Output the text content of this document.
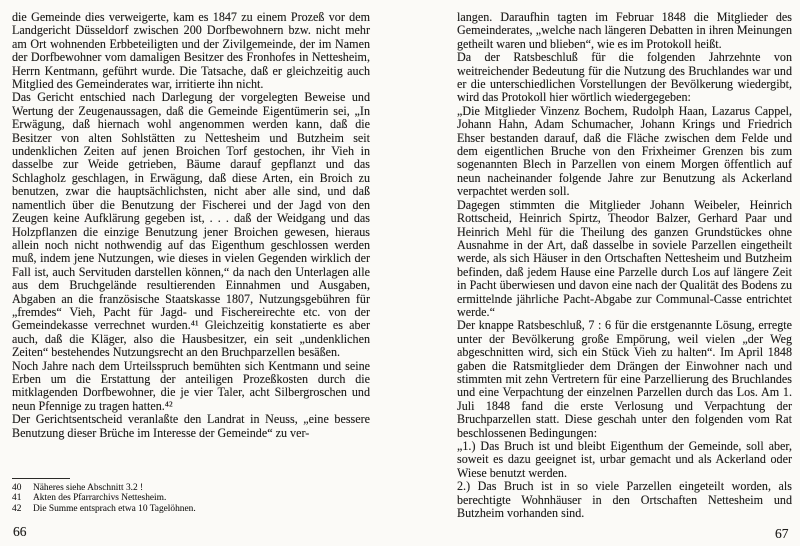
die Gemeinde dies verweigerte, kam es 1847 zu einem Prozeß vor dem Landgericht Düsseldorf zwischen 200 Dorfbewohnern bzw. nicht mehr am Ort wohnenden Erbbeteiligten und der Zivilgemeinde, der im Namen der Dorfbewohner vom damaligen Besitzer des Fronhofes in Nettesheim, Herrn Kentmann, geführt wurde. Die Tatsache, daß er gleichzeitig auch Mitglied des Gemeinderates war, irritierte ihn nicht.

Das Gericht entschied nach Darlegung der vorgelegten Beweise und Wertung der Zeugenaussagen, daß die Gemeinde Eigentümerin sei, „In Erwägung, daß hiernach wohl angenommen werden kann, daß die Besitzer von alten Sohlstätten zu Nettesheim und Butzheim seit undenklichen Zeiten auf jenen Broichen Torf gestochen, ihr Vieh in dasselbe zur Weide getrieben, Bäume darauf gepflanzt und das Schlagholz geschlagen, in Erwägung, daß diese Arten, ein Broich zu benutzen, zwar die hauptsächlichsten, nicht aber alle sind, und daß namentlich über die Benutzung der Fischerei und der Jagd von den Zeugen keine Aufklärung gegeben ist, . . . daß der Weidgang und das Holzpflanzen die einzige Benutzung jener Broichen gewesen, hieraus allein noch nicht nothwendig auf das Eigenthum geschlossen werden muß, indem jene Nutzungen, wie dieses in vielen Gegenden wirklich der Fall ist, auch Servituden darstellen können,“ da nach den Unterlagen alle aus dem Bruchgelände resultierenden Einnahmen und Ausgaben, Abgaben an die französische Staatskasse 1807, Nutzungsgebühren für „fremdes“ Vieh, Pacht für Jagd- und Fischereirechte etc. von der Gemeindekasse verrechnet wurden.⁴¹ Gleichzeitig konstatierte es aber auch, daß die Kläger, also die Hausbesitzer, ein seit „undenklichen Zeiten“ bestehendes Nutzungsrecht an den Bruchparzellen besäßen.

Noch Jahre nach dem Urteilsspruch bemühten sich Kentmann und seine Erben um die Erstattung der anteiligen Prozeßkosten durch die mitklagenden Dorfbewohner, die je vier Taler, acht Silbergroschen und neun Pfennige zu tragen hatten.⁴²

Der Gerichtsentscheid veranlaßte den Landrat in Neuss, „eine bessere Benutzung dieser Brüche im Interesse der Gemeinde“ zu ver-

40	Näheres siehe Abschnitt 3.2 !
41	Akten des Pfarrarchivs Nettesheim.
42	Die Summe entsprach etwa 10 Tagelöhnen.

langen. Daraufhin tagten im Februar 1848 die Mitglieder des Gemeinderates, „welche nach längeren Debatten in ihren Meinungen getheilt waren und blieben“, wie es im Protokoll heißt.

Da der Ratsbeschluß für die folgenden Jahrzehnte von weitreichender Bedeutung für die Nutzung des Bruchlandes war und er die unterschiedlichen Vorstellungen der Bevölkerung wiedergibt, wird das Protokoll hier wörtlich wiedergegeben:

„Die Mitglieder Vinzenz Bochem, Rudolph Haan, Lazarus Cappel, Johann Hahn, Adam Schumacher, Johann Krings und Friedrich Ehser bestanden darauf, daß die Fläche zwischen dem Felde und dem eigentlichen Bruche von den Frixheimer Grenzen bis zum sogenannten Blech in Parzellen von einem Morgen öffentlich auf neun nacheinander folgende Jahre zur Benutzung als Ackerland verpachtet werden soll.

Dagegen stimmten die Mitglieder Johann Weibeler, Heinrich Rottscheid, Heinrich Spirtz, Theodor Balzer, Gerhard Paar und Heinrich Mehl für die Theilung des ganzen Grundstückes ohne Ausnahme in der Art, daß dasselbe in soviele Parzellen eingetheilt werde, als sich Häuser in den Ortschaften Nettesheim und Butzheim befinden, daß jedem Hause eine Parzelle durch Los auf längere Zeit in Pacht überwiesen und davon eine nach der Qualität des Bodens zu ermittelnde jährliche Pacht-Abgabe zur Communal-Casse entrichtet werde.“

Der knappe Ratsbeschluß, 7 : 6 für die erstgenannte Lösung, erregte unter der Bevölkerung große Empörung, weil vielen „der Weg abgeschnitten wird, sich ein Stück Vieh zu halten“. Im April 1848 gaben die Ratsmitglieder dem Drängen der Einwohner nach und stimmten mit zehn Vertretern für eine Parzellierung des Bruchlandes und eine Verpachtung der einzelnen Parzellen durch das Los. Am 1. Juli 1848 fand die erste Verlosung und Verpachtung der Bruchparzellen statt. Diese geschah unter den folgenden vom Rat beschlossenen Bedingungen:

„1.) Das Bruch ist und bleibt Eigenthum der Gemeinde, soll aber, soweit es dazu geeignet ist, urbar gemacht und als Ackerland oder Wiese benutzt werden.

2.) Das Bruch ist in so viele Parzellen eingeteilt worden, als berechtigte Wohnhäuser in den Ortschaften Nettesheim und Butzheim vorhanden sind.

66	67
